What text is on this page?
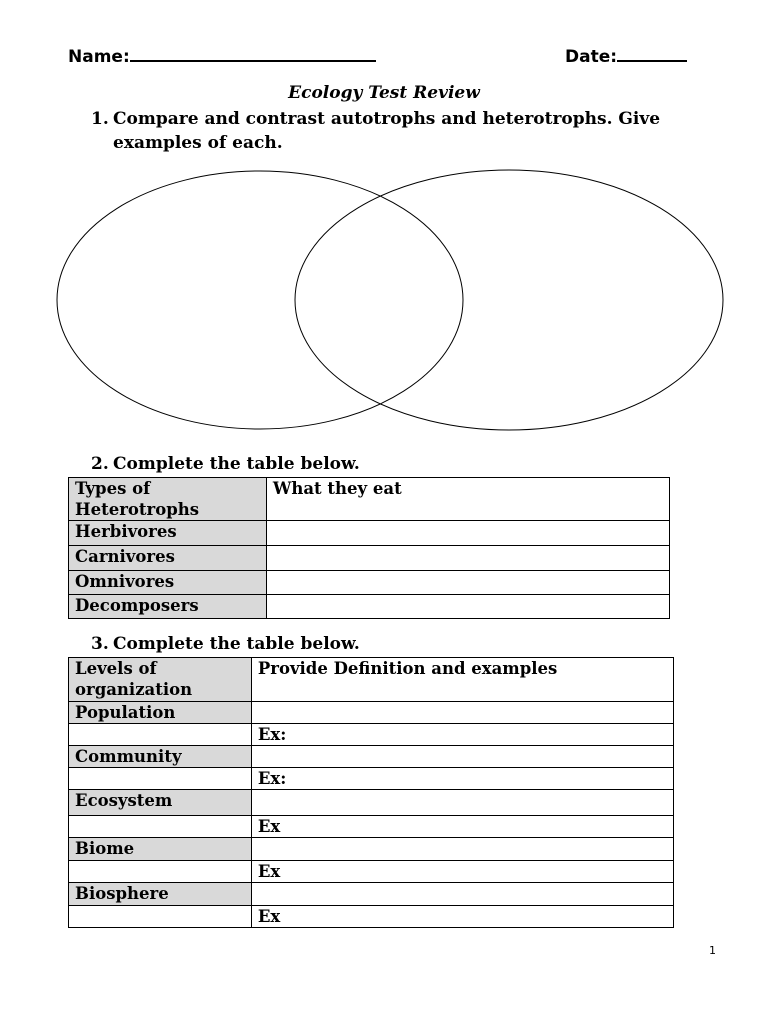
Name:	Date:
Ecology Test Review
1. Compare and contrast autotrophs and heterotrophs. Give
examples of each.
2. Complete the table below.
Types of
Heterotrophs	What they eat
Herbivores	
Carnivores	
Omnivores	
Decomposers	
3. Complete the table below.
Levels of
organization	Provide Definition and examples
Population	
	Ex:
Community	
	Ex:
Ecosystem	
	Ex
Biome	
	Ex
Biosphere	
	Ex
1
